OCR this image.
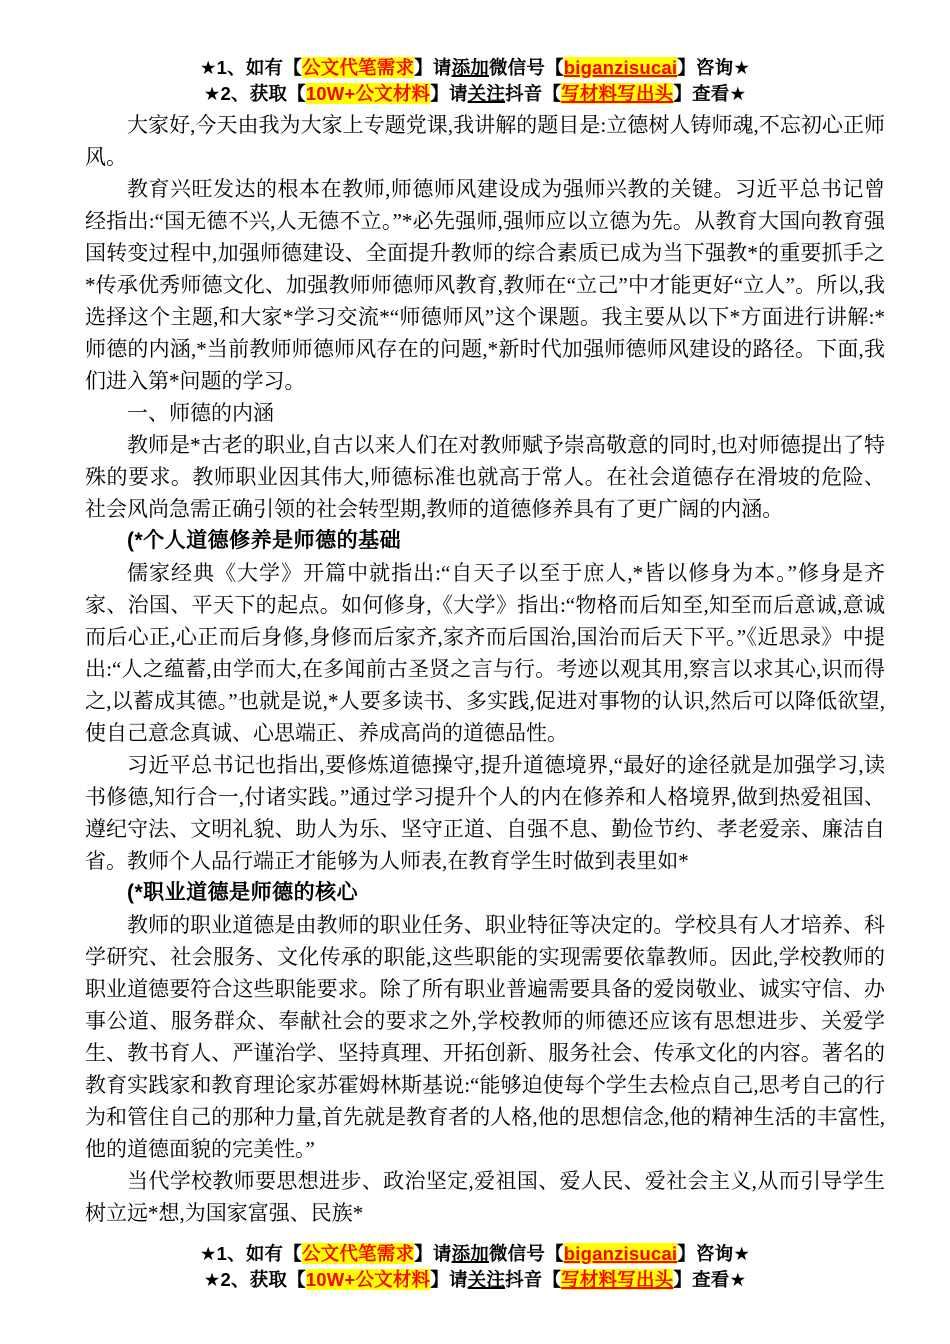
★1、如有【公文代笔需求】请添加微信号【biganzisucai】咨询★
★2、获取【10W+公文材料】请关注抖音【写材料写出头】查看★

大家好,今天由我为大家上专题党课,我讲解的题目是:立德树人铸师魂,不忘初心正师风。

教育兴旺发达的根本在教师,师德师风建设成为强师兴教的关键。习近平总书记曾经指出:“国无德不兴,人无德不立。”*必先强师,强师应以立德为先。从教育大国向教育强国转变过程中,加强师德建设、全面提升教师的综合素质已成为当下强教*的重要抓手之*传承优秀师德文化、加强教师师德师风教育,教师在“立己”中才能更好“立人”。所以,我选择这个主题,和大家*学习交流*“师德师风”这个课题。我主要从以下*方面进行讲解:*师德的内涵,*当前教师师德师风存在的问题,*新时代加强师德师风建设的路径。下面,我们进入第*问题的学习。

一、师德的内涵

教师是*古老的职业,自古以来人们在对教师赋予崇高敬意的同时,也对师德提出了特殊的要求。教师职业因其伟大,师德标准也就高于常人。在社会道德存在滑坡的危险、社会风尚急需正确引领的社会转型期,教师的道德修养具有了更广阔的内涵。

(*个人道德修养是师德的基础

儒家经典《大学》开篇中就指出:“自天子以至于庶人,*皆以修身为本。”修身是齐家、治国、平天下的起点。如何修身,《大学》指出:“物格而后知至,知至而后意诚,意诚而后心正,心正而后身修,身修而后家齐,家齐而后国治,国治而后天下平。”《近思录》中提出:“人之蕴蓄,由学而大,在多闻前古圣贤之言与行。考迹以观其用,察言以求其心,识而得之,以蓄成其德。”也就是说,*人要多读书、多实践,促进对事物的认识,然后可以降低欲望,使自己意念真诚、心思端正、养成高尚的道德品性。

习近平总书记也指出,要修炼道德操守,提升道德境界,“最好的途径就是加强学习,读书修德,知行合一,付诸实践。”通过学习提升个人的内在修养和人格境界,做到热爱祖国、遵纪守法、文明礼貌、助人为乐、坚守正道、自强不息、勤俭节约、孝老爱亲、廉洁自省。教师个人品行端正才能够为人师表,在教育学生时做到表里如*

(*职业道德是师德的核心

教师的职业道德是由教师的职业任务、职业特征等决定的。学校具有人才培养、科学研究、社会服务、文化传承的职能,这些职能的实现需要依靠教师。因此,学校教师的职业道德要符合这些职能要求。除了所有职业普遍需要具备的爱岗敬业、诚实守信、办事公道、服务群众、奉献社会的要求之外,学校教师的师德还应该有思想进步、关爱学生、教书育人、严谨治学、坚持真理、开拓创新、服务社会、传承文化的内容。著名的教育实践家和教育理论家苏霍姆林斯基说:“能够迫使每个学生去检点自己,思考自己的行为和管住自己的那种力量,首先就是教育者的人格,他的思想信念,他的精神生活的丰富性,他的道德面貌的完美性。”

当代学校教师要思想进步、政治坚定,爱祖国、爱人民、爱社会主义,从而引导学生树立远*想,为国家富强、民族*

★1、如有【公文代笔需求】请添加微信号【biganzisucai】咨询★
★2、获取【10W+公文材料】请关注抖音【写材料写出头】查看★
